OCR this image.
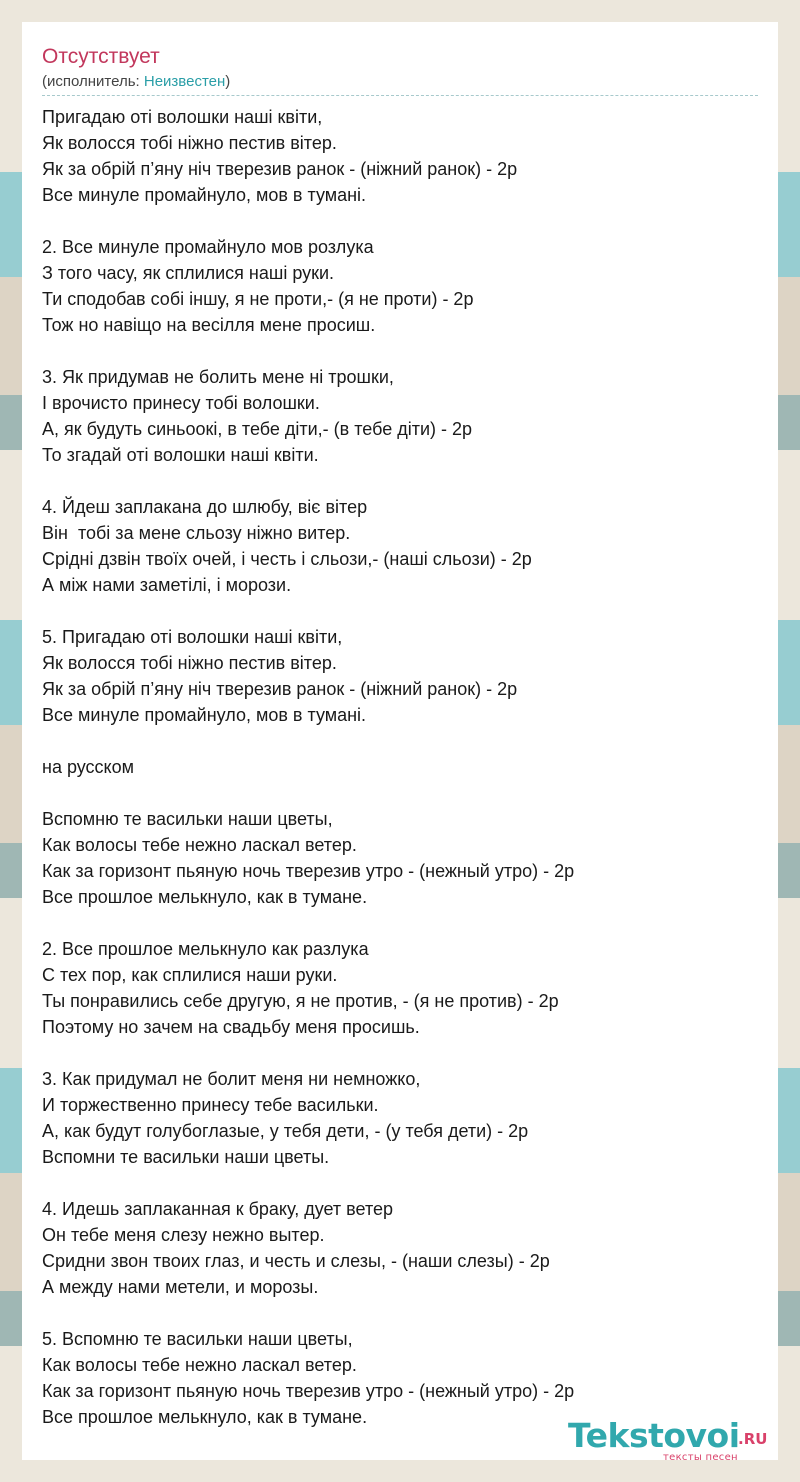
Отсутствует
(исполнитель: Неизвестен)
Пригадаю оті волошки наші квіти,
Як волосся тобі ніжно пестив вітер.
Як за обрій п’яну ніч тверезив ранок - (ніжний ранок) - 2р
Все минуле промайнуло, мов в тумані.
2. Все минуле промайнуло мов розлука
З того часу, як сплилися наші руки.
Ти сподобав собі іншу, я не проти,- (я не проти) - 2р
Тож но навіщо на весілля мене просиш.
3. Як придумав не болить мене ні трошки,
І врочисто принесу тобі волошки.
А, як будуть синьоокі, в тебе діти,- (в тебе діти) - 2р
То згадай оті волошки наші квіти.
4. Йдеш заплакана до шлюбу, віє вітер
Він  тобі за мене сльозу ніжно витер.
Срідні дзвін твоїх очей, і честь і сльози,- (наші сльози) - 2р
А між нами заметілі, і морози.
5. Пригадаю оті волошки наші квіти,
Як волосся тобі ніжно пестив вітер.
Як за обрій п’яну ніч тверезив ранок - (ніжний ранок) - 2р
Все минуле промайнуло, мов в тумані.
на русском
Вспомню те васильки наши цветы,
Как волосы тебе нежно ласкал ветер.
Как за горизонт пьяную ночь тверезив утро - (нежный утро) - 2р
Все прошлое мелькнуло, как в тумане.
2. Все прошлое мелькнуло как разлука
С тех пор, как сплилися наши руки.
Ты понравились себе другую, я не против, - (я не против) - 2р
Поэтому но зачем на свадьбу меня просишь.
3. Как придумал не болит меня ни немножко,
И торжественно принесу тебе васильки.
А, как будут голубоглазые, у тебя дети, - (у тебя дети) - 2р
Вспомни те васильки наши цветы.
4. Идешь заплаканная к браку, дует ветер
Он тебе меня слезу нежно вытер.
Сридни звон твоих глаз, и честь и слезы, - (наши слезы) - 2р
А между нами метели, и морозы.
5. Вспомню те васильки наши цветы,
Как волосы тебе нежно ласкал ветер.
Как за горизонт пьяную ночь тверезив утро - (нежный утро) - 2р
Все прошлое мелькнуло, как в тумане.	Tekstovoi
.RU
тексты песен
